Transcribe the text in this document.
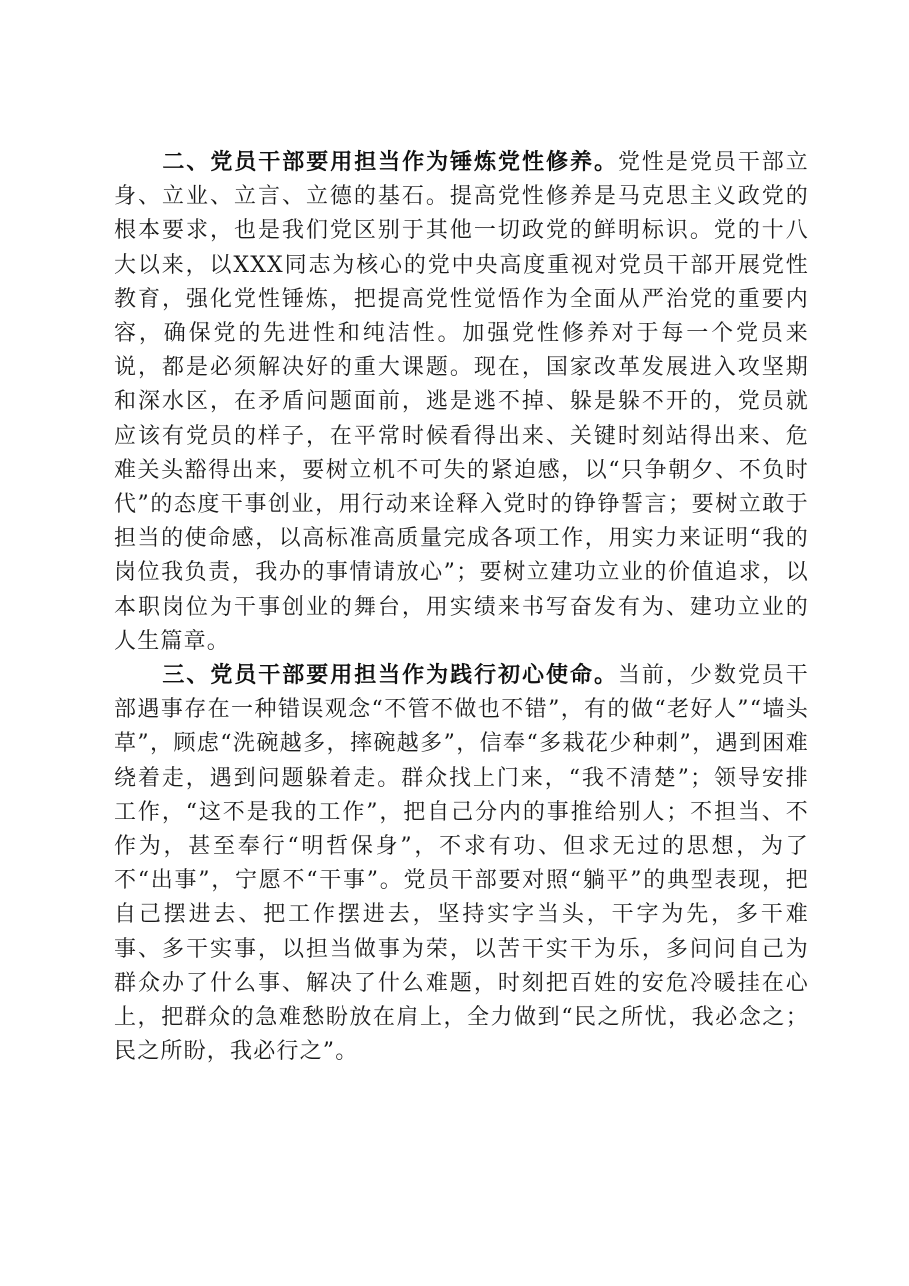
二、党员干部要用担当作为锤炼党性修养。党性是党员干部立身、立业、立言、立德的基石。提高党性修养是马克思主义政党的根本要求，也是我们党区别于其他一切政党的鲜明标识。党的十八大以来，以XXX同志为核心的党中央高度重视对党员干部开展党性教育，强化党性锤炼，把提高党性觉悟作为全面从严治党的重要内容，确保党的先进性和纯洁性。加强党性修养对于每一个党员来说，都是必须解决好的重大课题。现在，国家改革发展进入攻坚期和深水区，在矛盾问题面前，逃是逃不掉、躲是躲不开的，党员就应该有党员的样子，在平常时候看得出来、关键时刻站得出来、危难关头豁得出来，要树立机不可失的紧迫感，以“只争朝夕、不负时代”的态度干事创业，用行动来诠释入党时的铮铮誓言；要树立敢于担当的使命感，以高标准高质量完成各项工作，用实力来证明“我的岗位我负责，我办的事情请放心”；要树立建功立业的价值追求，以本职岗位为干事创业的舞台，用实绩来书写奋发有为、建功立业的人生篇章。

三、党员干部要用担当作为践行初心使命。当前，少数党员干部遇事存在一种错误观念“不管不做也不错”，有的做“老好人”“墙头草”，顾虑“洗碗越多，摔碗越多”，信奉“多栽花少种刺”，遇到困难绕着走，遇到问题躲着走。群众找上门来，“我不清楚”；领导安排工作，“这不是我的工作”，把自己分内的事推给别人；不担当、不作为，甚至奉行“明哲保身”，不求有功、但求无过的思想，为了不“出事”，宁愿不“干事”。党员干部要对照“躺平”的典型表现，把自己摆进去、把工作摆进去，坚持实字当头，干字为先，多干难事、多干实事，以担当做事为荣，以苦干实干为乐，多问问自己为群众办了什么事、解决了什么难题，时刻把百姓的安危冷暖挂在心上，把群众的急难愁盼放在肩上，全力做到“民之所忧，我必念之；民之所盼，我必行之”。
